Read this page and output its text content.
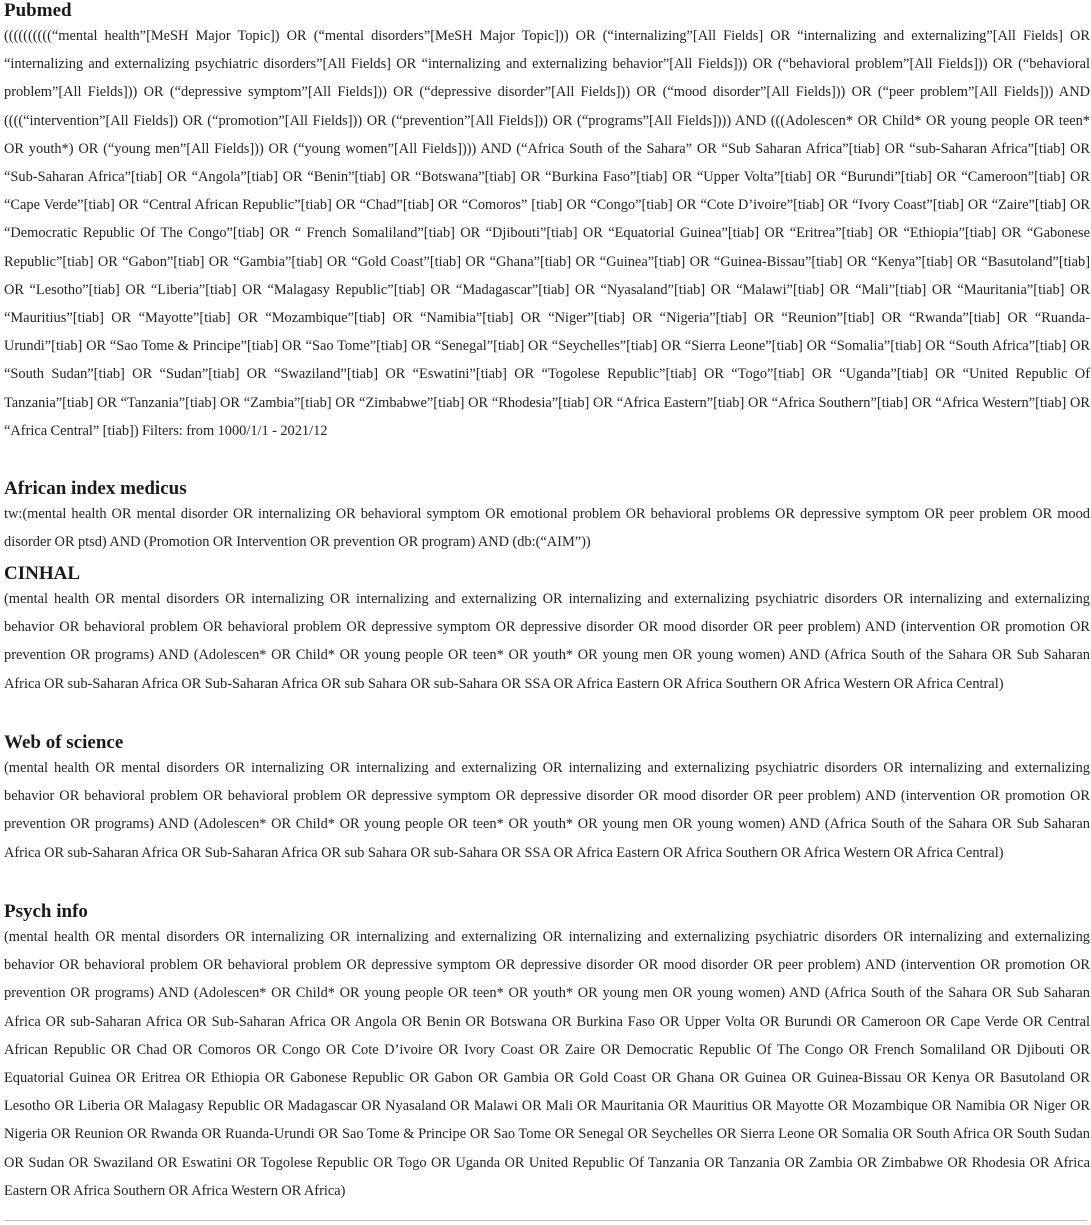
Pubmed
((((((((((“mental health”[MeSH Major Topic]) OR (“mental disorders”[MeSH Major Topic])) OR (“internalizing”[All Fields] OR “internalizing and externalizing”[All Fields] OR “internalizing and externalizing psychiatric disorders”[All Fields] OR “internalizing and externalizing behavior”[All Fields])) OR (“behavioral problem”[All Fields])) OR (“behavioral problem”[All Fields])) OR (“depressive symptom”[All Fields])) OR (“depressive disorder”[All Fields])) OR (“mood disorder”[All Fields])) OR (“peer problem”[All Fields])) AND ((((“intervention”[All Fields]) OR (“promotion”[All Fields])) OR (“prevention”[All Fields])) OR (“programs”[All Fields]))) AND (((Adolescen* OR Child* OR young people OR teen* OR youth*) OR (“young men”[All Fields])) OR (“young women”[All Fields]))) AND (“Africa South of the Sahara” OR “Sub Saharan Africa”[tiab] OR “sub-Saharan Africa”[tiab] OR “Sub-Saharan Africa”[tiab] OR “Angola”[tiab] OR “Benin”[tiab] OR “Botswana”[tiab] OR “Burkina Faso”[tiab] OR “Upper Volta”[tiab] OR “Burundi”[tiab] OR “Cameroon”[tiab] OR “Cape Verde”[tiab] OR “Central African Republic”[tiab] OR “Chad”[tiab] OR “Comoros” [tiab] OR “Congo”[tiab] OR “Cote D’ivoire”[tiab] OR “Ivory Coast”[tiab] OR “Zaire”[tiab] OR “Democratic Republic Of The Congo”[tiab] OR “ French Somaliland”[tiab] OR “Djibouti”[tiab] OR “Equatorial Guinea”[tiab] OR “Eritrea”[tiab] OR “Ethiopia”[tiab] OR “Gabonese Republic”[tiab] OR “Gabon”[tiab] OR “Gambia”[tiab] OR “Gold Coast”[tiab] OR “Ghana”[tiab] OR “Guinea”[tiab] OR “Guinea-Bissau”[tiab] OR “Kenya”[tiab] OR “Basutoland”[tiab] OR “Lesotho”[tiab] OR “Liberia”[tiab] OR “Malagasy Republic”[tiab] OR “Madagascar”[tiab] OR “Nyasaland”[tiab] OR “Malawi”[tiab] OR “Mali”[tiab] OR “Mauritania”[tiab] OR “Mauritius”[tiab] OR “Mayotte”[tiab] OR “Mozambique”[tiab] OR “Namibia”[tiab] OR “Niger”[tiab] OR “Nigeria”[tiab] OR “Reunion”[tiab] OR “Rwanda”[tiab] OR “Ruanda-Urundi”[tiab] OR “Sao Tome & Principe”[tiab] OR “Sao Tome”[tiab] OR “Senegal”[tiab] OR “Seychelles”[tiab] OR “Sierra Leone”[tiab] OR “Somalia”[tiab] OR “South Africa”[tiab] OR “South Sudan”[tiab] OR “Sudan”[tiab] OR “Swaziland”[tiab] OR “Eswatini”[tiab] OR “Togolese Republic”[tiab] OR “Togo”[tiab] OR “Uganda”[tiab] OR “United Republic Of Tanzania”[tiab] OR “Tanzania”[tiab] OR “Zambia”[tiab] OR “Zimbabwe”[tiab] OR “Rhodesia”[tiab] OR “Africa Eastern”[tiab] OR “Africa Southern”[tiab] OR “Africa Western”[tiab] OR “Africa Central” [tiab]) Filters: from 1000/1/1 - 2021/12
African index medicus
tw:(mental health OR mental disorder OR internalizing OR behavioral symptom OR emotional problem OR behavioral problems OR depressive symptom OR peer problem OR mood disorder OR ptsd) AND (Promotion OR Intervention OR prevention OR program) AND (db:(“AIM”))
CINHAL
(mental health OR mental disorders OR internalizing OR internalizing and externalizing OR internalizing and externalizing psychiatric disorders OR internalizing and externalizing behavior OR behavioral problem OR behavioral problem OR depressive symptom OR depressive disorder OR mood disorder OR peer problem) AND (intervention OR promotion OR prevention OR programs) AND (Adolescen* OR Child* OR young people OR teen* OR youth* OR young men OR young women) AND (Africa South of the Sahara OR Sub Saharan Africa OR sub-Saharan Africa OR Sub-Saharan Africa OR sub Sahara OR sub-Sahara OR SSA OR Africa Eastern OR Africa Southern OR Africa Western OR Africa Central)
Web of science
(mental health OR mental disorders OR internalizing OR internalizing and externalizing OR internalizing and externalizing psychiatric disorders OR internalizing and externalizing behavior OR behavioral problem OR behavioral problem OR depressive symptom OR depressive disorder OR mood disorder OR peer problem) AND (intervention OR promotion OR prevention OR programs) AND (Adolescen* OR Child* OR young people OR teen* OR youth* OR young men OR young women) AND (Africa South of the Sahara OR Sub Saharan Africa OR sub-Saharan Africa OR Sub-Saharan Africa OR sub Sahara OR sub-Sahara OR SSA OR Africa Eastern OR Africa Southern OR Africa Western OR Africa Central)
Psych info
(mental health OR mental disorders OR internalizing OR internalizing and externalizing OR internalizing and externalizing psychiatric disorders OR internalizing and externalizing behavior OR behavioral problem OR behavioral problem OR depressive symptom OR depressive disorder OR mood disorder OR peer problem) AND (intervention OR promotion OR prevention OR programs) AND (Adolescen* OR Child* OR young people OR teen* OR youth* OR young men OR young women) AND (Africa South of the Sahara OR Sub Saharan Africa OR sub-Saharan Africa OR Sub-Saharan Africa OR Angola OR Benin OR Botswana OR Burkina Faso OR Upper Volta OR Burundi OR Cameroon OR Cape Verde OR Central African Republic OR Chad OR Comoros OR Congo OR Cote D’ivoire OR Ivory Coast OR Zaire OR Democratic Republic Of The Congo OR French Somaliland OR Djibouti OR Equatorial Guinea OR Eritrea OR Ethiopia OR Gabonese Republic OR Gabon OR Gambia OR Gold Coast OR Ghana OR Guinea OR Guinea-Bissau OR Kenya OR Basutoland OR Lesotho OR Liberia OR Malagasy Republic OR Madagascar OR Nyasaland OR Malawi OR Mali OR Mauritania OR Mauritius OR Mayotte OR Mozambique OR Namibia OR Niger OR Nigeria OR Reunion OR Rwanda OR Ruanda-Urundi OR Sao Tome & Principe OR Sao Tome OR Senegal OR Seychelles OR Sierra Leone OR Somalia OR South Africa OR South Sudan OR Sudan OR Swaziland OR Eswatini OR Togolese Republic OR Togo OR Uganda OR United Republic Of Tanzania OR Tanzania OR Zambia OR Zimbabwe OR Rhodesia OR Africa Eastern OR Africa Southern OR Africa Western OR Africa)
